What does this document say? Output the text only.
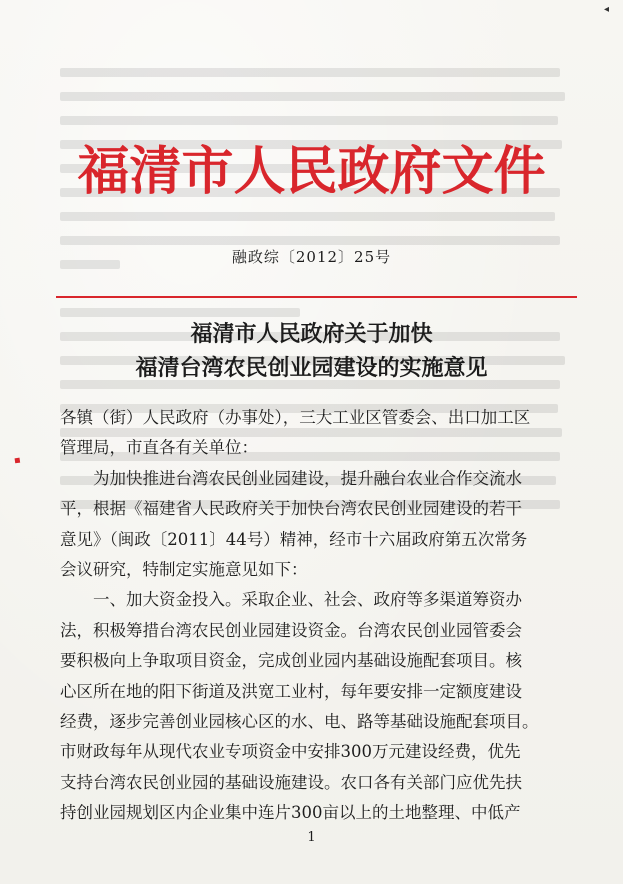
◂
福清市人民政府文件
融政综〔2012〕25号
福清市人民政府关于加快
福清台湾农民创业园建设的实施意见
▪
各镇（街）人民政府（办事处），三大工业区管委会、出口加工区
管理局，市直各有关单位：
为加快推进台湾农民创业园建设，提升融台农业合作交流水
平，根据《福建省人民政府关于加快台湾农民创业园建设的若干
意见》（闽政〔2011〕44号）精神，经市十六届政府第五次常务
会议研究，特制定实施意见如下：
一、加大资金投入。采取企业、社会、政府等多渠道筹资办
法，积极筹措台湾农民创业园建设资金。台湾农民创业园管委会
要积极向上争取项目资金，完成创业园内基础设施配套项目。核
心区所在地的阳下街道及洪宽工业村，每年要安排一定额度建设
经费，逐步完善创业园核心区的水、电、路等基础设施配套项目。
市财政每年从现代农业专项资金中安排300万元建设经费，优先
支持台湾农民创业园的基础设施建设。农口各有关部门应优先扶
持创业园规划区内企业集中连片300亩以上的土地整理、中低产
1
